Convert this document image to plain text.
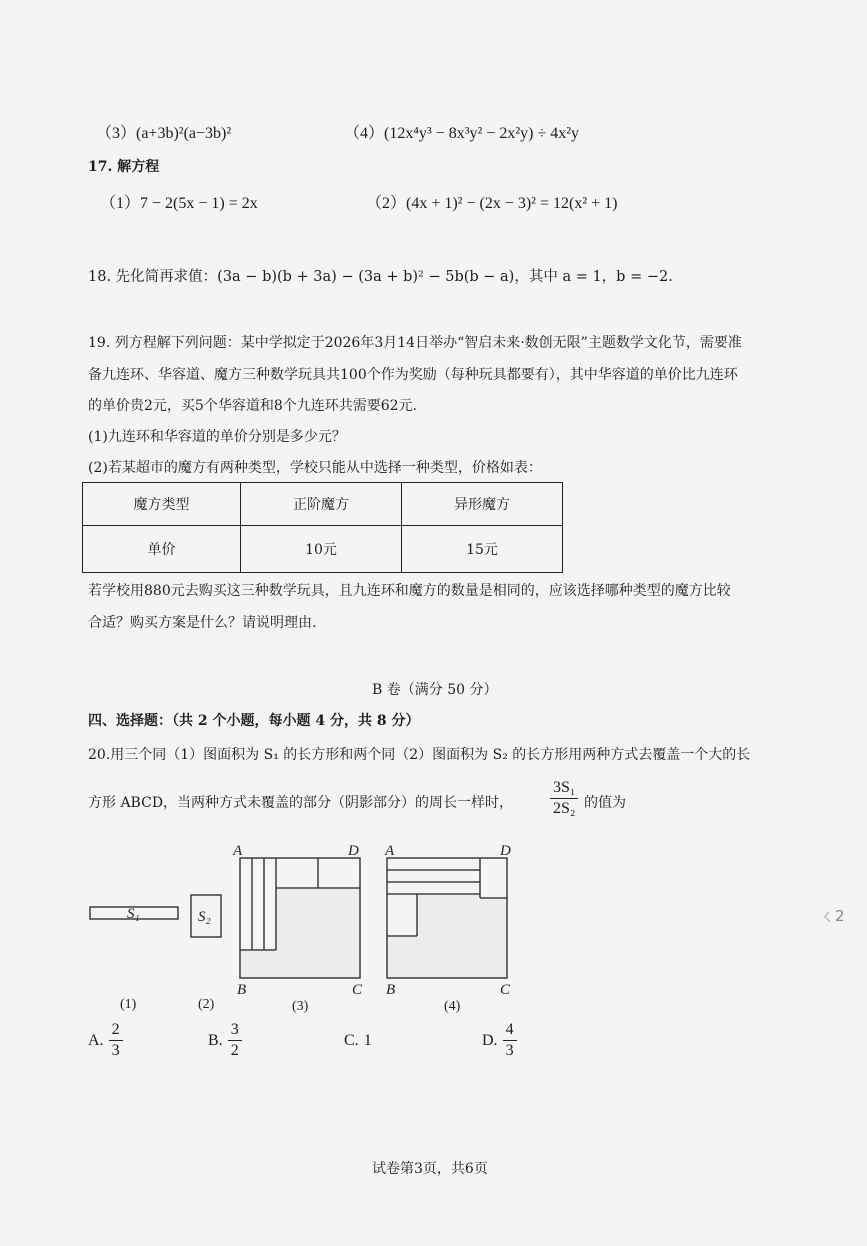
（3）(a+3b)²(a−3b)²	（4）(12x⁴y³ − 8x³y² − 2x²y) ÷ 4x²y
17. 解方程
（1）7 − 2(5x − 1) = 2x	（2）(4x + 1)² − (2x − 3)² = 12(x² + 1)
18. 先化简再求值：(3a − b)(b + 3a) − (3a + b)² − 5b(b − a)，其中 a = 1，b = −2.
19. 列方程解下列问题：某中学拟定于2026年3月14日举办“智启未来·数创无限”主题数学文化节，需要准
备九连环、华容道、魔方三种数学玩具共100个作为奖励（每种玩具都要有），其中华容道的单价比九连环
的单价贵2元，买5个华容道和8个九连环共需要62元.
(1)九连环和华容道的单价分别是多少元？
(2)若某超市的魔方有两种类型，学校只能从中选择一种类型，价格如表：
魔方类型	正阶魔方	异形魔方
单价	10元	15元
若学校用880元去购买这三种数学玩具，且九连环和魔方的数量是相同的，应该选择哪种类型的魔方比较
合适？购买方案是什么？请说明理由.
B 卷（满分 50 分）
四、选择题：（共 2 个小题，每小题 4 分，共 8 分）
20.用三个同（1）图面积为 S₁ 的长方形和两个同（2）图面积为 S₂ 的长方形用两种方式去覆盖一个大的长
方形 ABCD，当两种方式未覆盖的部分（阴影部分）的周长一样时， $\frac{\text{3S₁}}{\text{2S₂}}$ 的值为
S₁	S₂
A	D
B	C
A	D
B	C
(1)	(2)	(3)	(4)
A. $\frac{2}{3}$	B. $\frac{3}{2}$	C. 1	D. $\frac{4}{3}$
试卷第3页，共6页
ㄑ2
